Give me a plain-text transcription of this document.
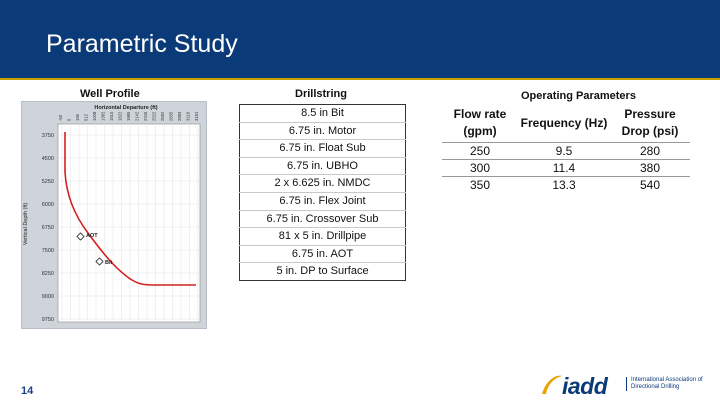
Parametric Study
Well Profile	Drillstring	Operating Parameters
Horizontal Departure (ft)
Vertical Depth (ft)
-50 0 196 512 1008 1382 1510 1822 1985 2142 2245 2522 2682 2835 2983 3119 3191
3750
4500
5250
6000
6750
7500
8250
9000
9750
AOT
Bit
8.5 in Bit
6.75 in. Motor
6.75 in. Float Sub
6.75 in. UBHO
2 x 6.625 in. NMDC
6.75 in. Flex Joint
6.75 in. Crossover Sub
81 x 5 in. Drillpipe
6.75 in. AOT
5 in. DP to Surface
Flow rate (gpm)	Frequency (Hz)	Pressure Drop (psi)
250	9.5	280
300	11.4	380
350	13.3	540
14	iadd	International Association of Directional Drilling
